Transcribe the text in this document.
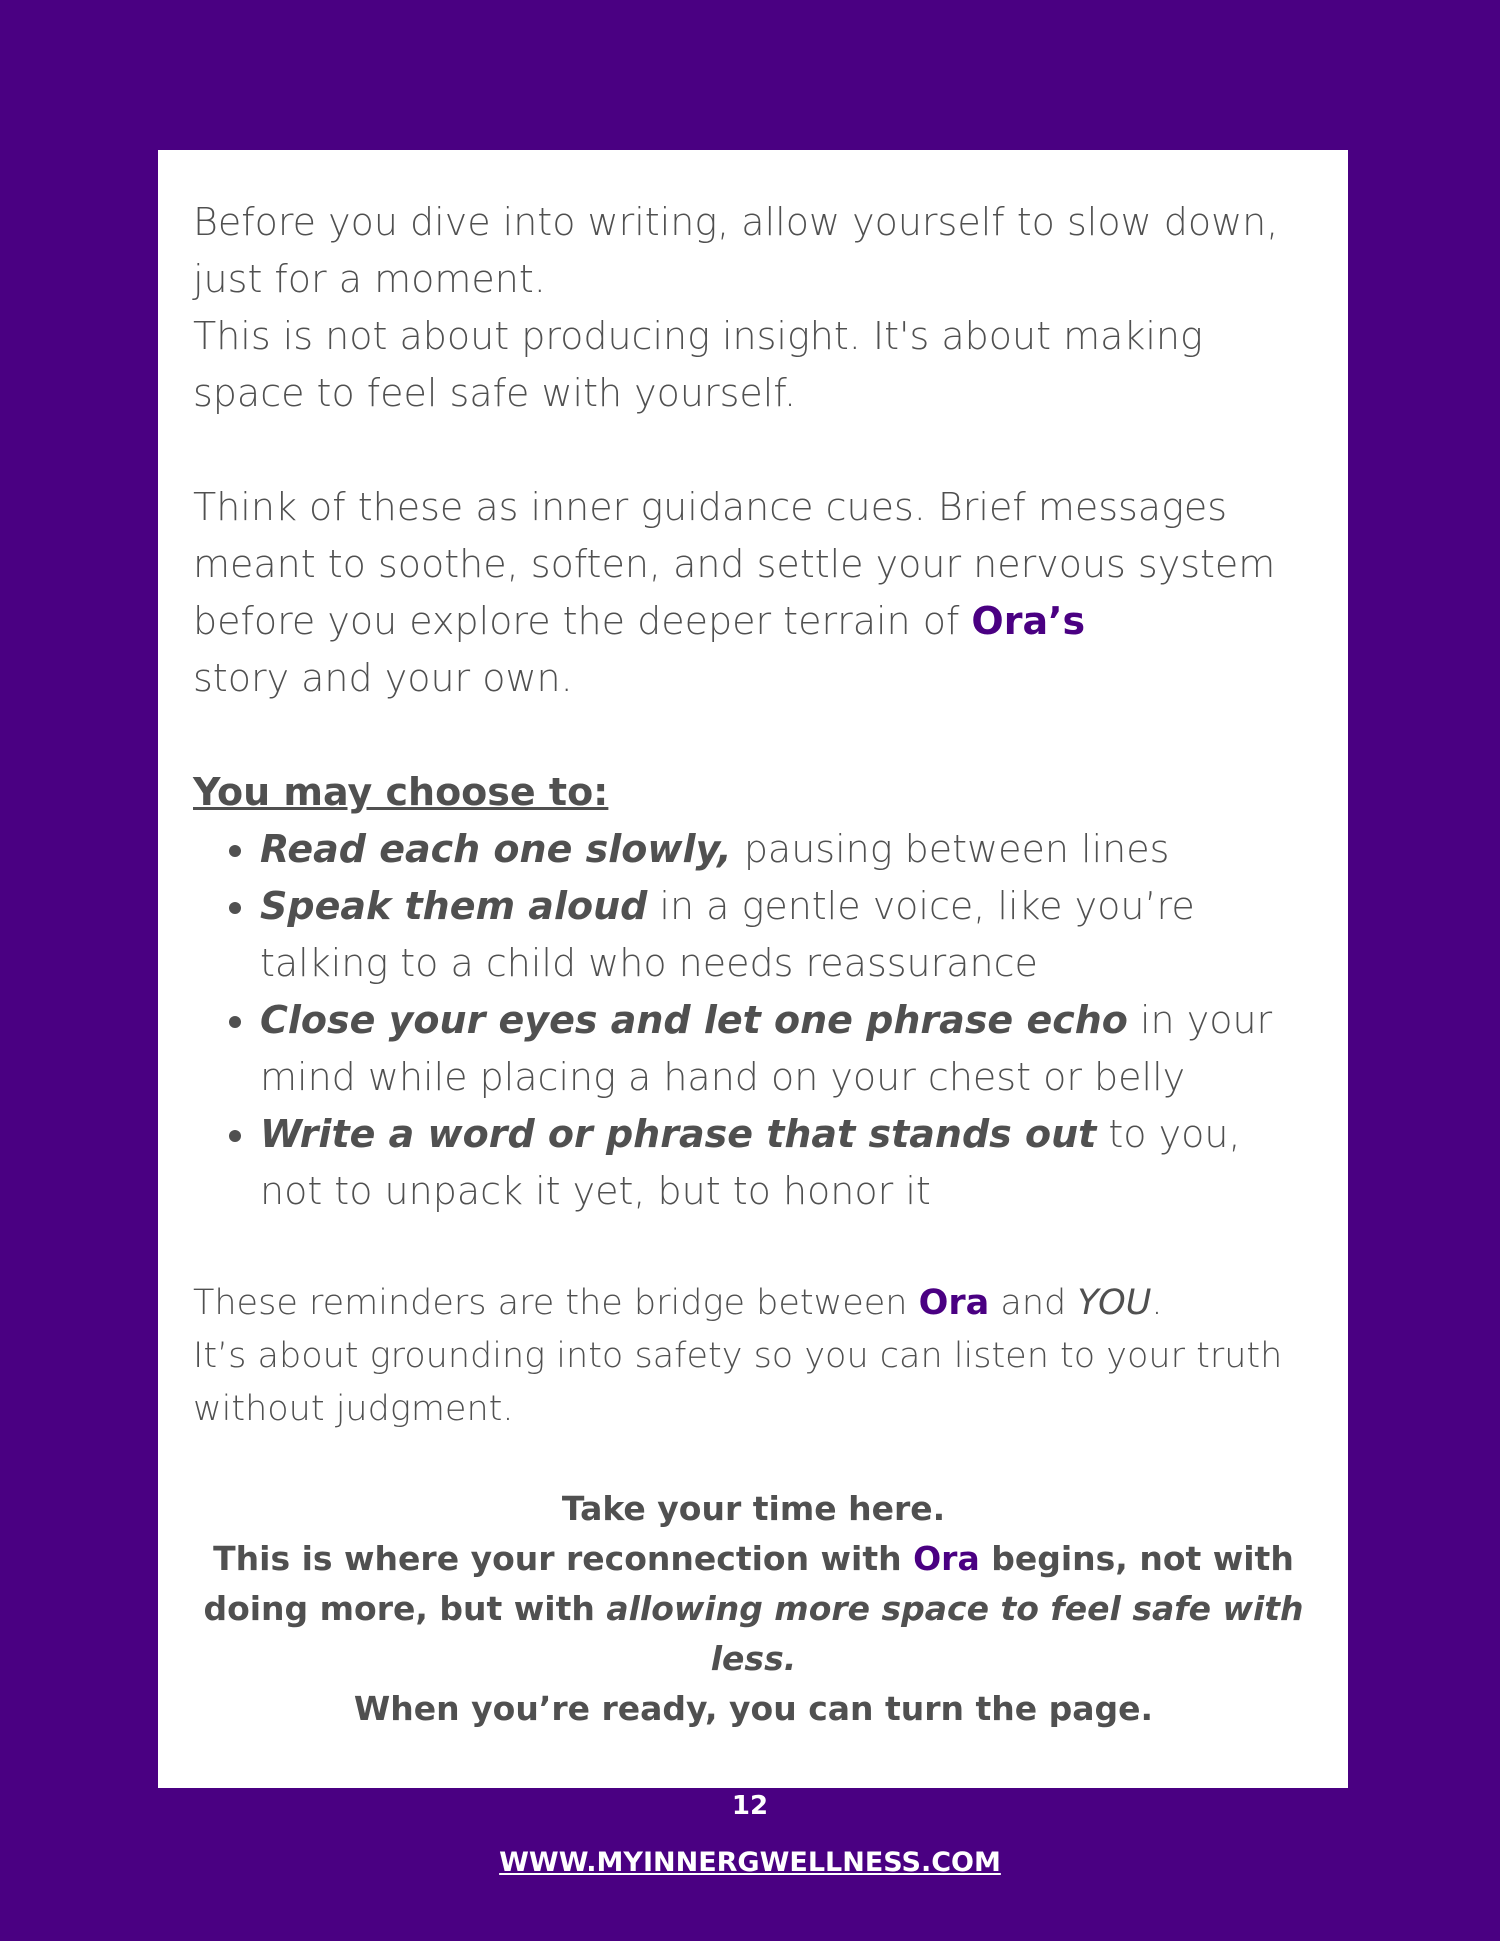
Before you dive into writing, allow yourself to slow down, just for a moment.
This is not about producing insight. It's about making space to feel safe with yourself.

Think of these as inner guidance cues. Brief messages meant to soothe, soften, and settle your nervous system before you explore the deeper terrain of Ora’s
story and your own.

You may choose to:

Read each one slowly, pausing between lines
Speak them aloud in a gentle voice, like you’re talking to a child who needs reassurance
Close your eyes and let one phrase echo in your mind while placing a hand on your chest or belly
Write a word or phrase that stands out to you, not to unpack it yet, but to honor it

These reminders are the bridge between Ora and YOU.
It’s about grounding into safety so you can listen to your truth without judgment.

Take your time here.
This is where your reconnection with Ora begins, not with doing more, but with allowing more space to feel safe with less.
When you’re ready, you can turn the page.

12
WWW.MYINNERGWELLNESS.COM
